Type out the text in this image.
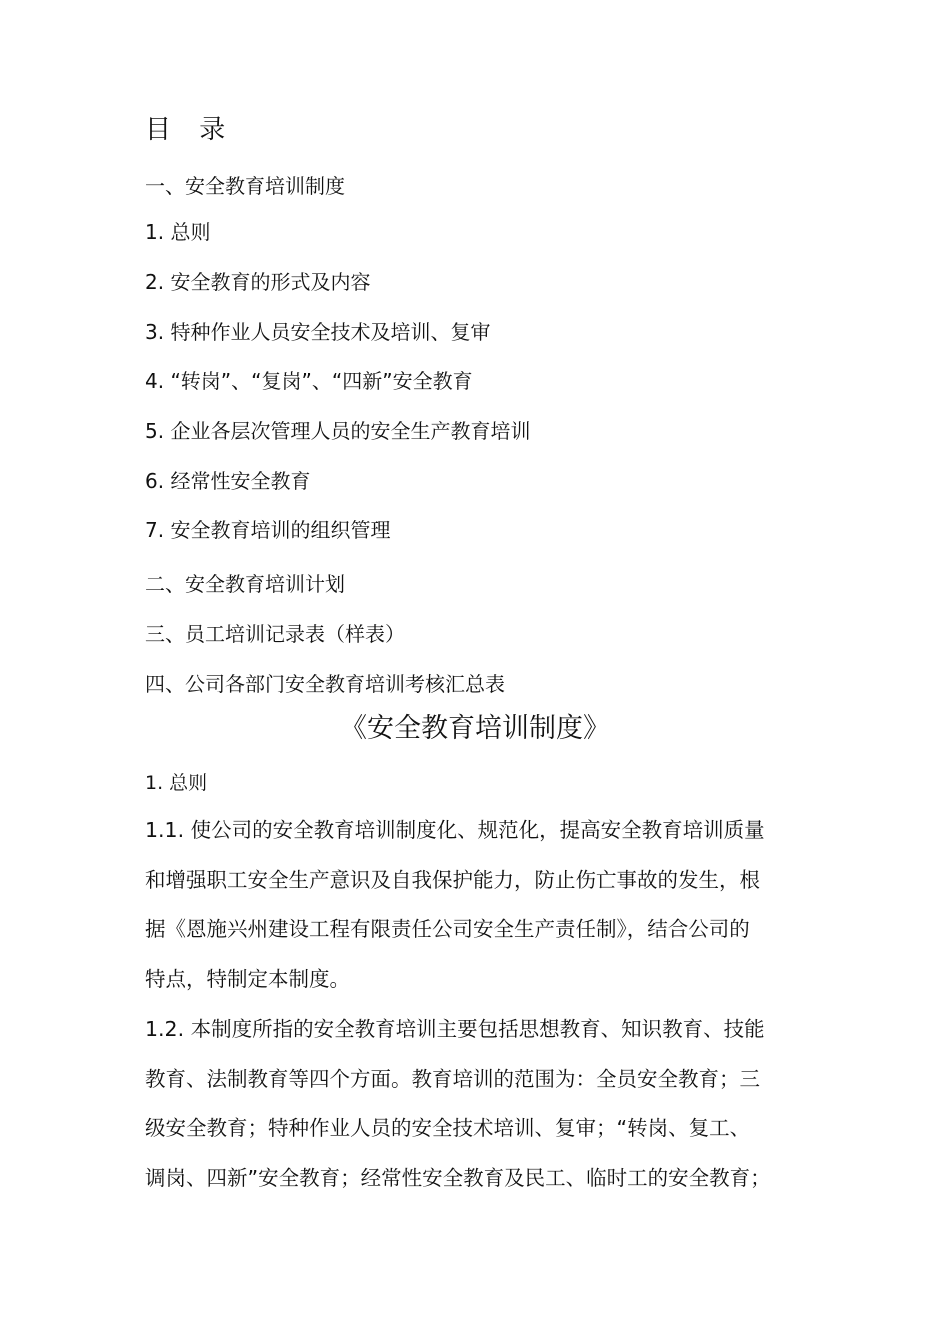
目 录
一、安全教育培训制度
1. 总则
2. 安全教育的形式及内容
3. 特种作业人员安全技术及培训、复审
4. “转岗”、“复岗”、“四新”安全教育
5. 企业各层次管理人员的安全生产教育培训
6. 经常性安全教育
7. 安全教育培训的组织管理
二、安全教育培训计划
三、员工培训记录表（样表）
四、公司各部门安全教育培训考核汇总表
《安全教育培训制度》
1. 总则
1.1. 使公司的安全教育培训制度化、规范化，提高安全教育培训质量
和增强职工安全生产意识及自我保护能力，防止伤亡事故的发生，根
据《恩施兴州建设工程有限责任公司安全生产责任制》，结合公司的
特点，特制定本制度。
1.2. 本制度所指的安全教育培训主要包括思想教育、知识教育、技能
教育、法制教育等四个方面。教育培训的范围为：全员安全教育；三
级安全教育；特种作业人员的安全技术培训、复审；“转岗、复工、
调岗、四新”安全教育；经常性安全教育及民工、临时工的安全教育；
